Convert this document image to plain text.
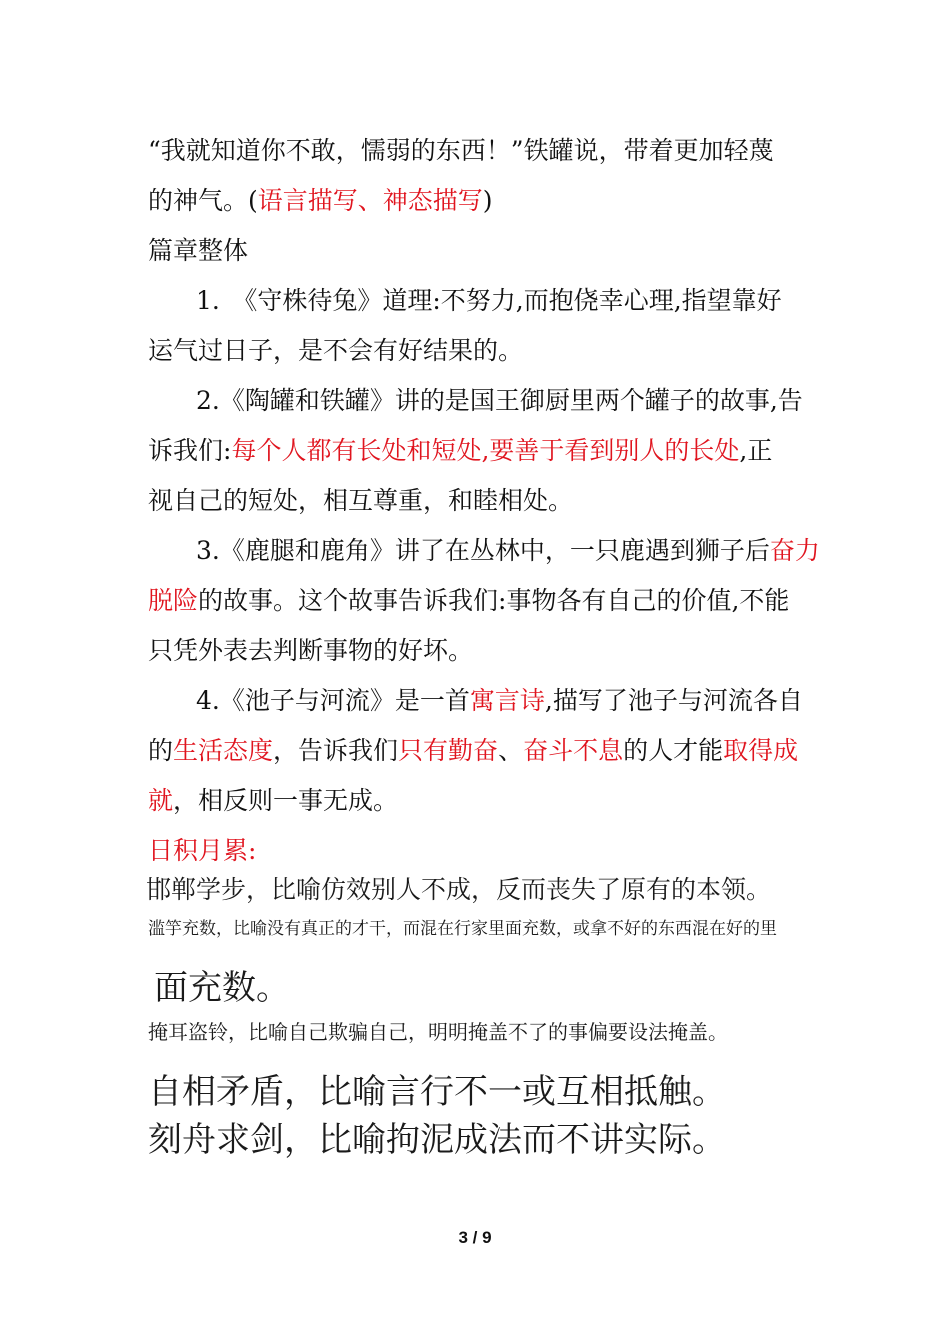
“我就知道你不敢，懦弱的东西！”铁罐说，带着更加轻蔑
的神气。(语言描写、神态描写)
篇章整体
1.　《守株待兔》道理:不努力,而抱侥幸心理,指望靠好
运气过日子，是不会有好结果的。
2.《陶罐和铁罐》讲的是国王御厨里两个罐子的故事,告
诉我们:每个人都有长处和短处,要善于看到别人的长处,正
视自己的短处，相互尊重，和睦相处。
3.《鹿腿和鹿角》讲了在丛林中，一只鹿遇到狮子后奋力
脱险的故事。这个故事告诉我们:事物各有自己的价值,不能
只凭外表去判断事物的好坏。
4.《池子与河流》是一首寓言诗,描写了池子与河流各自
的生活态度，告诉我们只有勤奋、奋斗不息的人才能取得成
就，相反则一事无成。
日积月累:
邯郸学步，比喻仿效别人不成，反而丧失了原有的本领。
滥竽充数，比喻没有真正的才干，而混在行家里面充数，或拿不好的东西混在好的里
面充数。
掩耳盗铃，比喻自己欺骗自己，明明掩盖不了的事偏要设法掩盖。
自相矛盾，比喻言行不一或互相抵触。
刻舟求剑，比喻拘泥成法而不讲实际。
3 / 9
